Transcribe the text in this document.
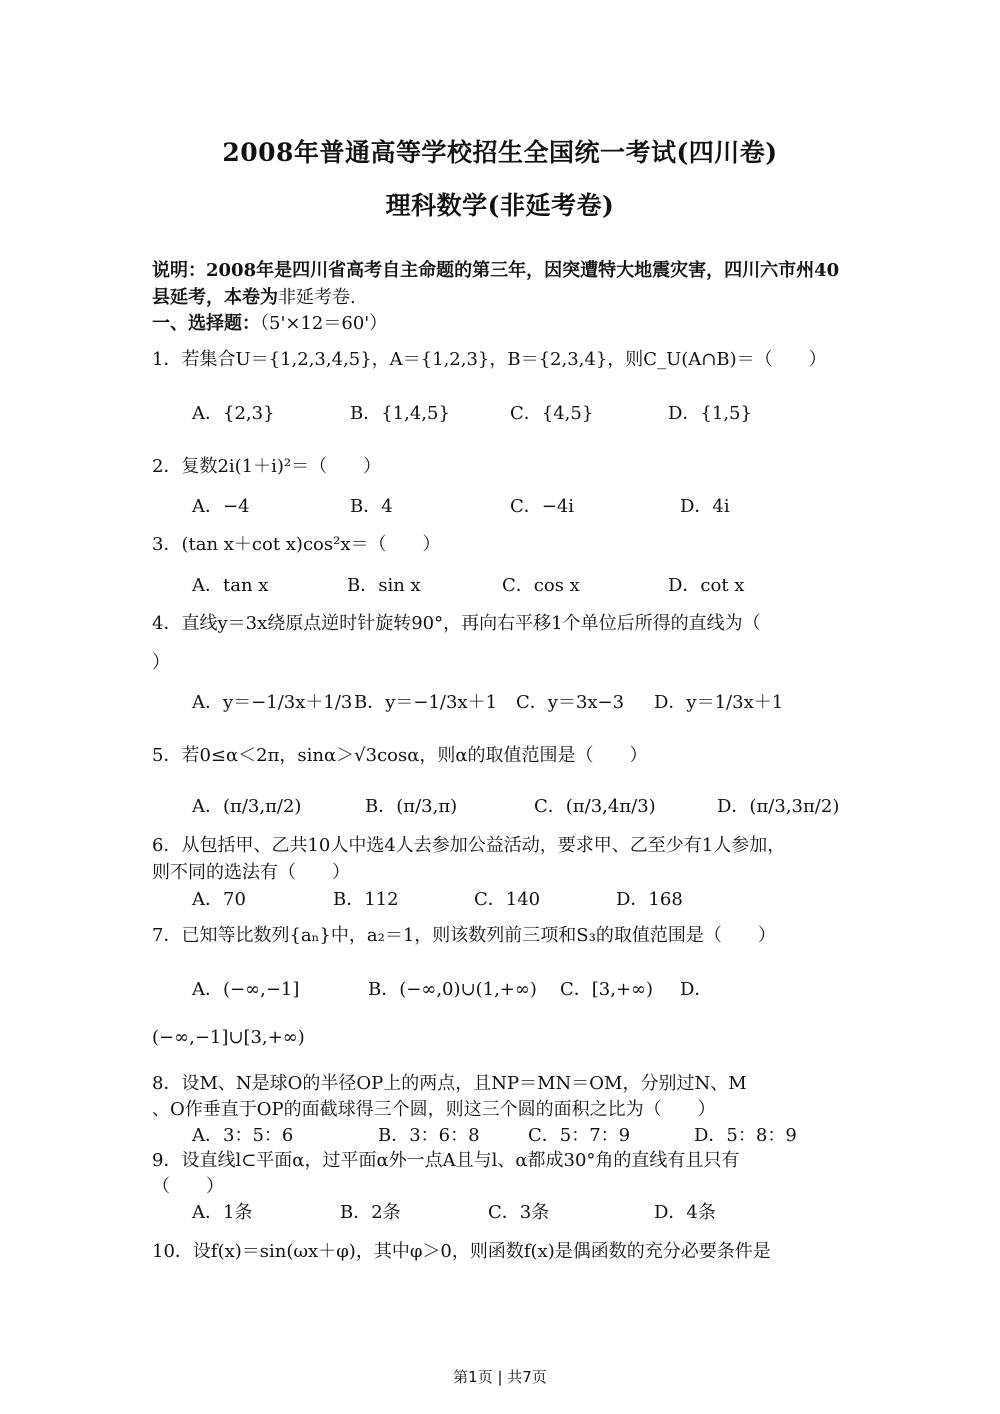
2008年普通高等学校招生全国统一考试(四川卷)
理科数学(非延考卷)
说明：2008年是四川省高考自主命题的第三年，因突遭特大地震灾害，四川六市州40县延考，本卷为非延考卷.
一、选择题：（5'×12＝60'）
1．若集合U＝{1,2,3,4,5}，A＝{1,2,3}，B＝{2,3,4}，则C_U(A∩B)＝（　　）
A．{2,3}	B．{1,4,5}	C．{4,5}	D．{1,5}
2．复数2i(1＋i)²＝（　　）
A．−4	B．4	C．−4i	D．4i
3．(tan x＋cot x)cos²x＝（　　）
A．tan x	B．sin x	C．cos x	D．cot x
4．直线y＝3x绕原点逆时针旋转90°，再向右平移1个单位后所得的直线为（
）
A．y＝−1/3x＋1/3 B．y＝−1/3x＋1 C．y＝3x−3 D．y＝1/3x＋1
5．若0≤α＜2π，sinα＞√3cosα，则α的取值范围是（　　）
A．(π/3,π/2)	B．(π/3,π)	C．(π/3,4π/3)	D．(π/3,3π/2)
6．从包括甲、乙共10人中选4人去参加公益活动，要求甲、乙至少有1人参加，
则不同的选法有（　　）
A．70	B．112	C．140	D．168
7．已知等比数列{aₙ}中，a₂＝1，则该数列前三项和S₃的取值范围是（　　）
A．(−∞,−1]	B．(−∞,0)∪(1,+∞) C．[3,+∞) D．
(−∞,−1]∪[3,+∞)
8．设M、N是球O的半径OP上的两点，且NP＝MN＝OM，分别过N、M
、O作垂直于OP的面截球得三个圆，则这三个圆的面积之比为（　　）
A．3：5：6	B．3：6：8	C．5：7：9	D．5：8：9
9．设直线l⊂平面α，过平面α外一点A且与l、α都成30°角的直线有且只有
（　　）
A．1条	B．2条	C．3条	D．4条
10．设f(x)＝sin(ωx＋φ)，其中φ＞0，则函数f(x)是偶函数的充分必要条件是
第1页 | 共7页
